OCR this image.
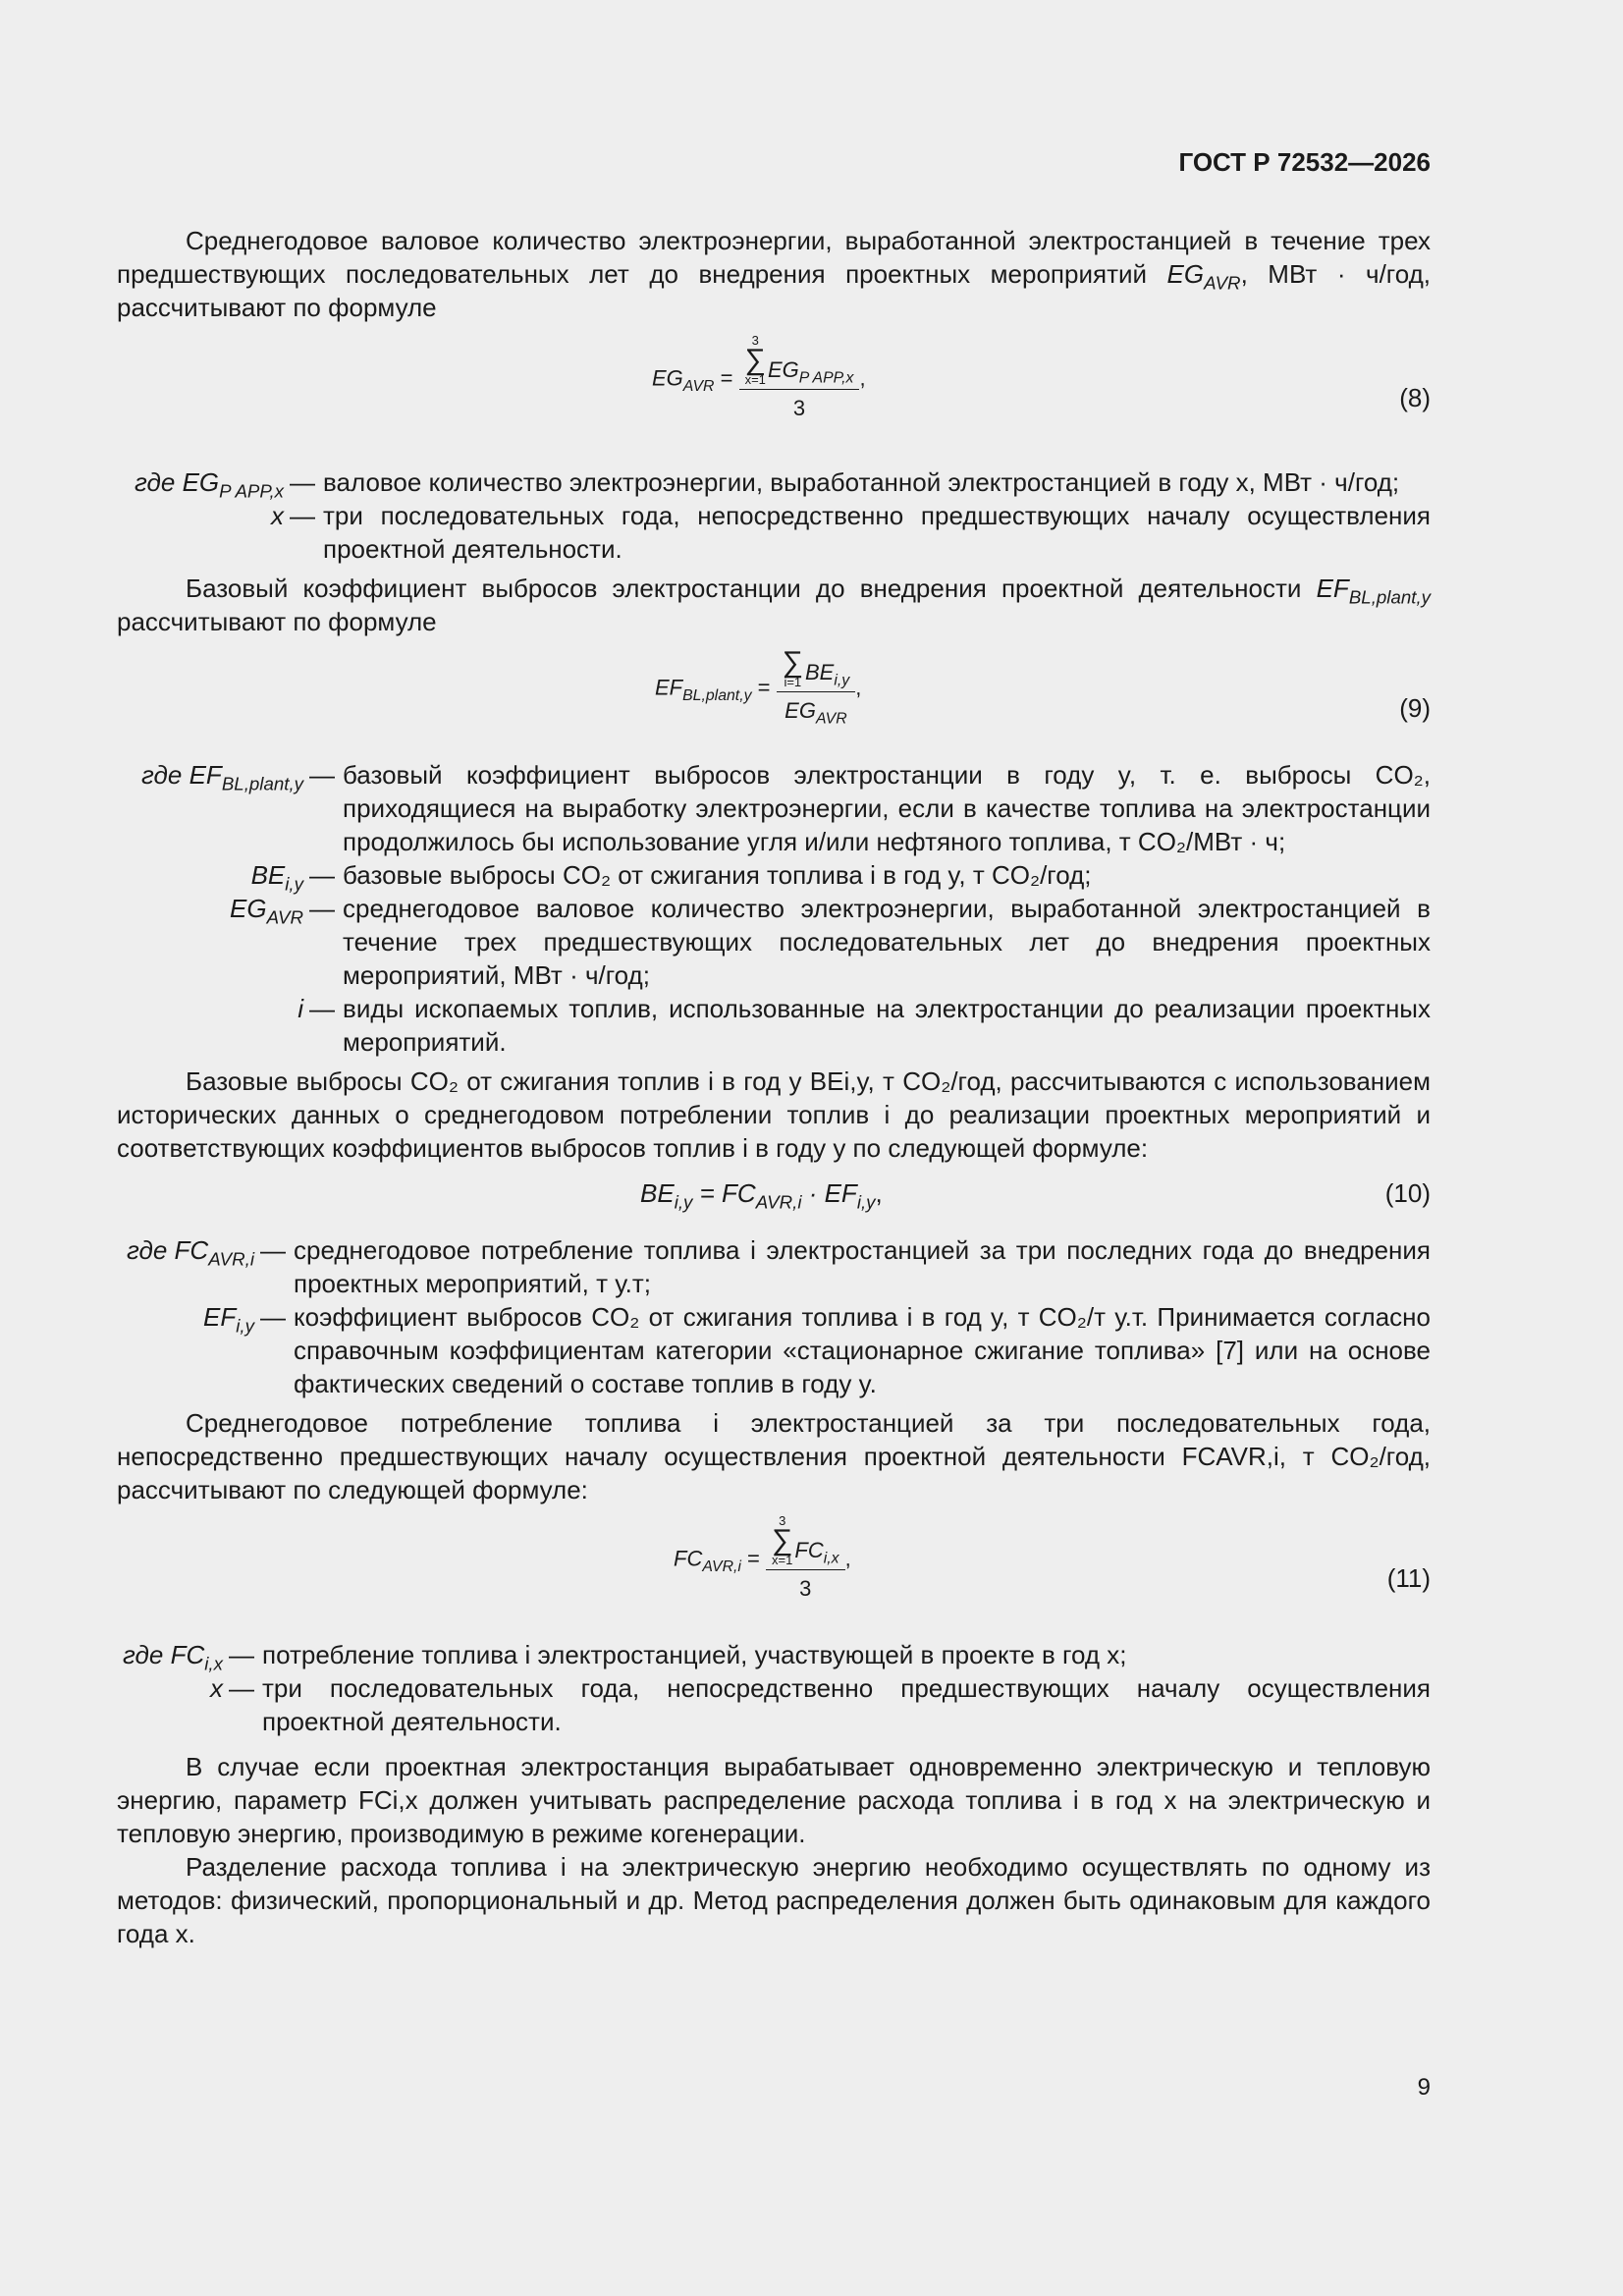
ГОСТ Р 72532—2026

Среднегодовое валовое количество электроэнергии, выработанной электростанцией в течение трех предшествующих последовательных лет до внедрения проектных мероприятий $EG_{AVR}$, МВт · ч/год, рассчитывают по формуле

$EG_{AVR} = 3$
∑
x=1 $EG_{P APP,x}$
3 ,
(8)
где $EG_{P APP,x}$ — валовое количество электроэнергии, выработанной электростанцией в году x, МВт · ч/год;
x — три последовательных года, непосредственно предшествующих началу осуществления проектной деятельности.

Базовый коэффициент выбросов электростанции до внедрения проектной деятельности $EF_{BL,plant,y}$ рассчитывают по формуле

$EF_{BL,plant,y}$ = ∑
i=1 $BE_{i,y}$
$EG_{AVR}$ ,
(9)
где $EF_{BL,plant,y}$ — базовый коэффициент выбросов электростанции в году y, т. е. выбросы CO₂, приходящиеся на выработку электроэнергии, если в качестве топлива на электростанции продолжилось бы использование угля и/или нефтяного топлива, т CO₂/МВт · ч;
$BE_{i,y}$ — базовые выбросы CO₂ от сжигания топлива i в год y, т CO₂/год;
$EG_{AVR}$ — среднегодовое валовое количество электроэнергии, выработанной электростанцией в течение трех предшествующих последовательных лет до внедрения проектных мероприятий, МВт · ч/год;
i — виды ископаемых топлив, использованные на электростанции до реализации проектных мероприятий.

Базовые выбросы CO₂ от сжигания топлив i в год y BEi,y, т CO₂/год, рассчитываются с использованием исторических данных о среднегодовом потреблении топлив i до реализации проектных мероприятий и соответствующих коэффициентов выбросов топлив i в году y по следующей формуле:

$BE_{i,y} = FC_{AVR,i} \cdot EF_{i,y}$,	(10)
где $FC_{AVR,i}$ — среднегодовое потребление топлива i электростанцией за три последних года до внедрения проектных мероприятий, т у.т;
$EF_{i,y}$ — коэффициент выбросов CO₂ от сжигания топлива i в год y, т CO₂/т у.т. Принимается согласно справочным коэффициентам категории «стационарное сжигание топлива» [7] или на основе фактических сведений о составе топлив в году y.

Среднегодовое потребление топлива i электростанцией за три последовательных года, непосредственно предшествующих началу осуществления проектной деятельности FCAVR,i, т CO₂/год, рассчитывают по следующей формуле:

$FC_{AVR,i} = 3$
∑
x=1 $FC_{i,x}$
3 ,
(11)
где $FC_{i,x}$ — потребление топлива i электростанцией, участвующей в проекте в год x;
x — три последовательных года, непосредственно предшествующих началу осуществления проектной деятельности.

В случае если проектная электростанция вырабатывает одновременно электрическую и тепловую энергию, параметр FCi,x должен учитывать распределение расхода топлива i в год x на электрическую и тепловую энергию, производимую в режиме когенерации.

Разделение расхода топлива i на электрическую энергию необходимо осуществлять по одному из методов: физический, пропорциональный и др. Метод распределения должен быть одинаковым для каждого года x.

9
